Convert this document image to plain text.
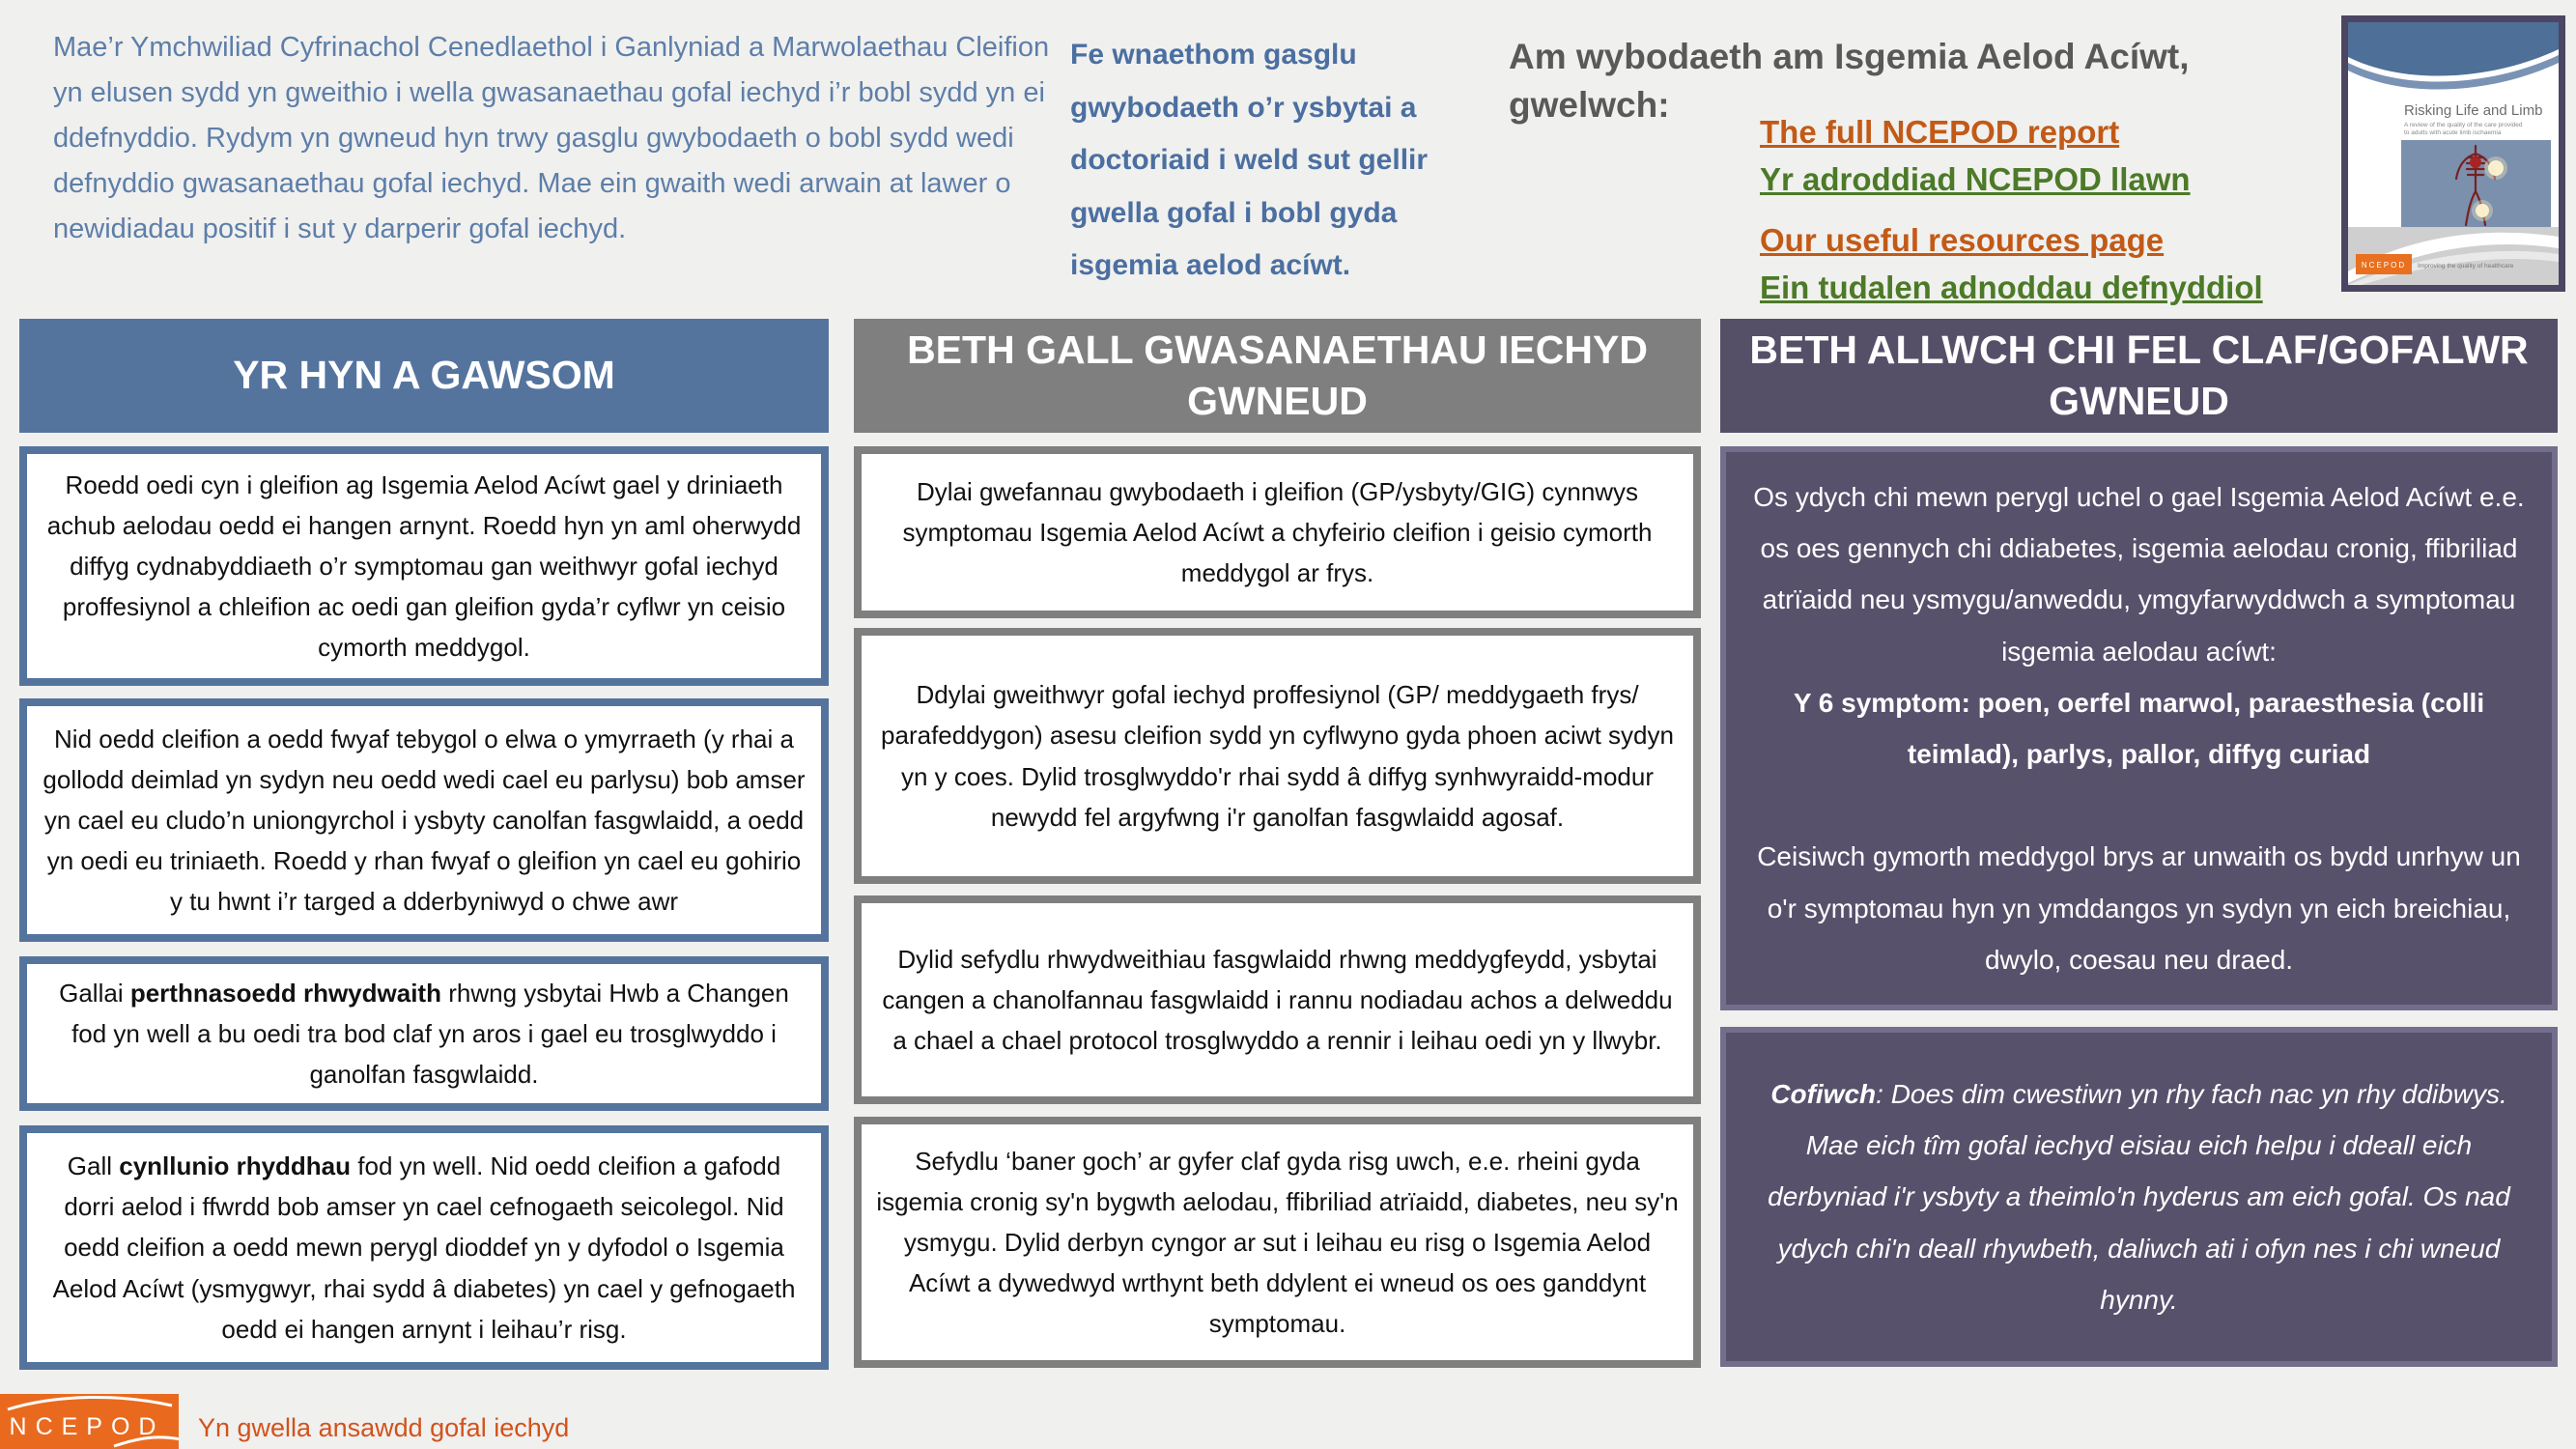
Mae’r Ymchwiliad Cyfrinachol Cenedlaethol i Ganlyniad a Marwolaethau Cleifion yn elusen sydd yn gweithio i wella gwasanaethau gofal iechyd i’r bobl sydd yn ei ddefnyddio. Rydym yn gwneud hyn trwy gasglu gwybodaeth o bobl sydd wedi defnyddio gwasanaethau gofal iechyd. Mae ein gwaith wedi arwain at lawer o newidiadau positif i sut y darperir gofal iechyd.
Fe wnaethom gasglu gwybodaeth o’r ysbytai a doctoriaid i weld sut gellir gwella gofal i bobl gyda isgemia aelod acíwt.
Am wybodaeth am Isgemia Aelod Acíwt, gwelwch:
The full NCEPOD report
Yr adroddiad NCEPOD llawn
Our useful resources page
Ein tudalen adnoddau defnyddiol
Risking Life and Limb
A review of the quality of the care provided
to adults with acute limb ischaemia
NCEPOD Improving the quality of healthcare
YR HYN A GAWSOM

Roedd oedi cyn i gleifion ag Isgemia Aelod Acíwt gael y driniaeth achub aelodau oedd ei hangen arnynt. Roedd hyn yn aml oherwydd diffyg cydnabyddiaeth o’r symptomau gan weithwyr gofal iechyd proffesiynol a chleifion ac oedi gan gleifion gyda’r cyflwr yn ceisio cymorth meddygol.

Nid oedd cleifion a oedd fwyaf tebygol o elwa o ymyrraeth (y rhai a gollodd deimlad yn sydyn neu oedd wedi cael eu parlysu) bob amser yn cael eu cludo’n uniongyrchol i ysbyty canolfan fasgwlaidd, a oedd yn oedi eu triniaeth. Roedd y rhan fwyaf o gleifion yn cael eu gohirio y tu hwnt i’r targed a dderbyniwyd o chwe awr

Gallai perthnasoedd rhwydwaith rhwng ysbytai Hwb a Changen fod yn well a bu oedi tra bod claf yn aros i gael eu trosglwyddo i ganolfan fasgwlaidd.

Gall cynllunio rhyddhau fod yn well. Nid oedd cleifion a gafodd dorri aelod i ffwrdd bob amser yn cael cefnogaeth seicolegol. Nid oedd cleifion a oedd mewn perygl dioddef yn y dyfodol o Isgemia Aelod Acíwt (ysmygwyr, rhai sydd â diabetes) yn cael y gefnogaeth oedd ei hangen arnynt i leihau’r risg.

BETH GALL GWASANAETHAU IECHYD GWNEUD

Dylai gwefannau gwybodaeth i gleifion (GP/ysbyty/GIG) cynnwys symptomau Isgemia Aelod Acíwt a chyfeirio cleifion i geisio cymorth meddygol ar frys.

Ddylai gweithwyr gofal iechyd proffesiynol (GP/ meddygaeth frys/ parafeddygon) asesu cleifion sydd yn cyflwyno gyda phoen aciwt sydyn yn y coes. Dylid trosglwyddo'r rhai sydd â diffyg synhwyraidd-modur newydd fel argyfwng i'r ganolfan fasgwlaidd agosaf.

Dylid sefydlu rhwydweithiau fasgwlaidd rhwng meddygfeydd, ysbytai cangen a chanolfannau fasgwlaidd i rannu nodiadau achos a delweddu a chael a chael protocol trosglwyddo a rennir i leihau oedi yn y llwybr.

Sefydlu ‘baner goch’ ar gyfer claf gyda risg uwch, e.e. rheini gyda isgemia cronig sy'n bygwth aelodau, ffibriliad atrïaidd, diabetes, neu sy'n ysmygu. Dylid derbyn cyngor ar sut i leihau eu risg o Isgemia Aelod Acíwt a dywedwyd wrthynt beth ddylent ei wneud os oes ganddynt symptomau.

BETH ALLWCH CHI FEL CLAF/GOFALWR GWNEUD

Os ydych chi mewn perygl uchel o gael Isgemia Aelod Acíwt e.e. os oes gennych chi ddiabetes, isgemia aelodau cronig, ffibriliad atrïaidd neu ysmygu/anweddu, ymgyfarwyddwch a symptomau isgemia aelodau acíwt:

Y 6 symptom: poen, oerfel marwol, paraesthesia (colli teimlad), parlys, pallor, diffyg curiad

Ceisiwch gymorth meddygol brys ar unwaith os bydd unrhyw un o'r symptomau hyn yn ymddangos yn sydyn yn eich breichiau, dwylo, coesau neu draed.

Cofiwch: Does dim cwestiwn yn rhy fach nac yn rhy ddibwys. Mae eich tîm gofal iechyd eisiau eich helpu i ddeall eich derbyniad i'r ysbyty a theimlo'n hyderus am eich gofal. Os nad ydych chi'n deall rhywbeth, daliwch ati i ofyn nes i chi wneud hynny.

NCEPOD Yn gwella ansawdd gofal iechyd
